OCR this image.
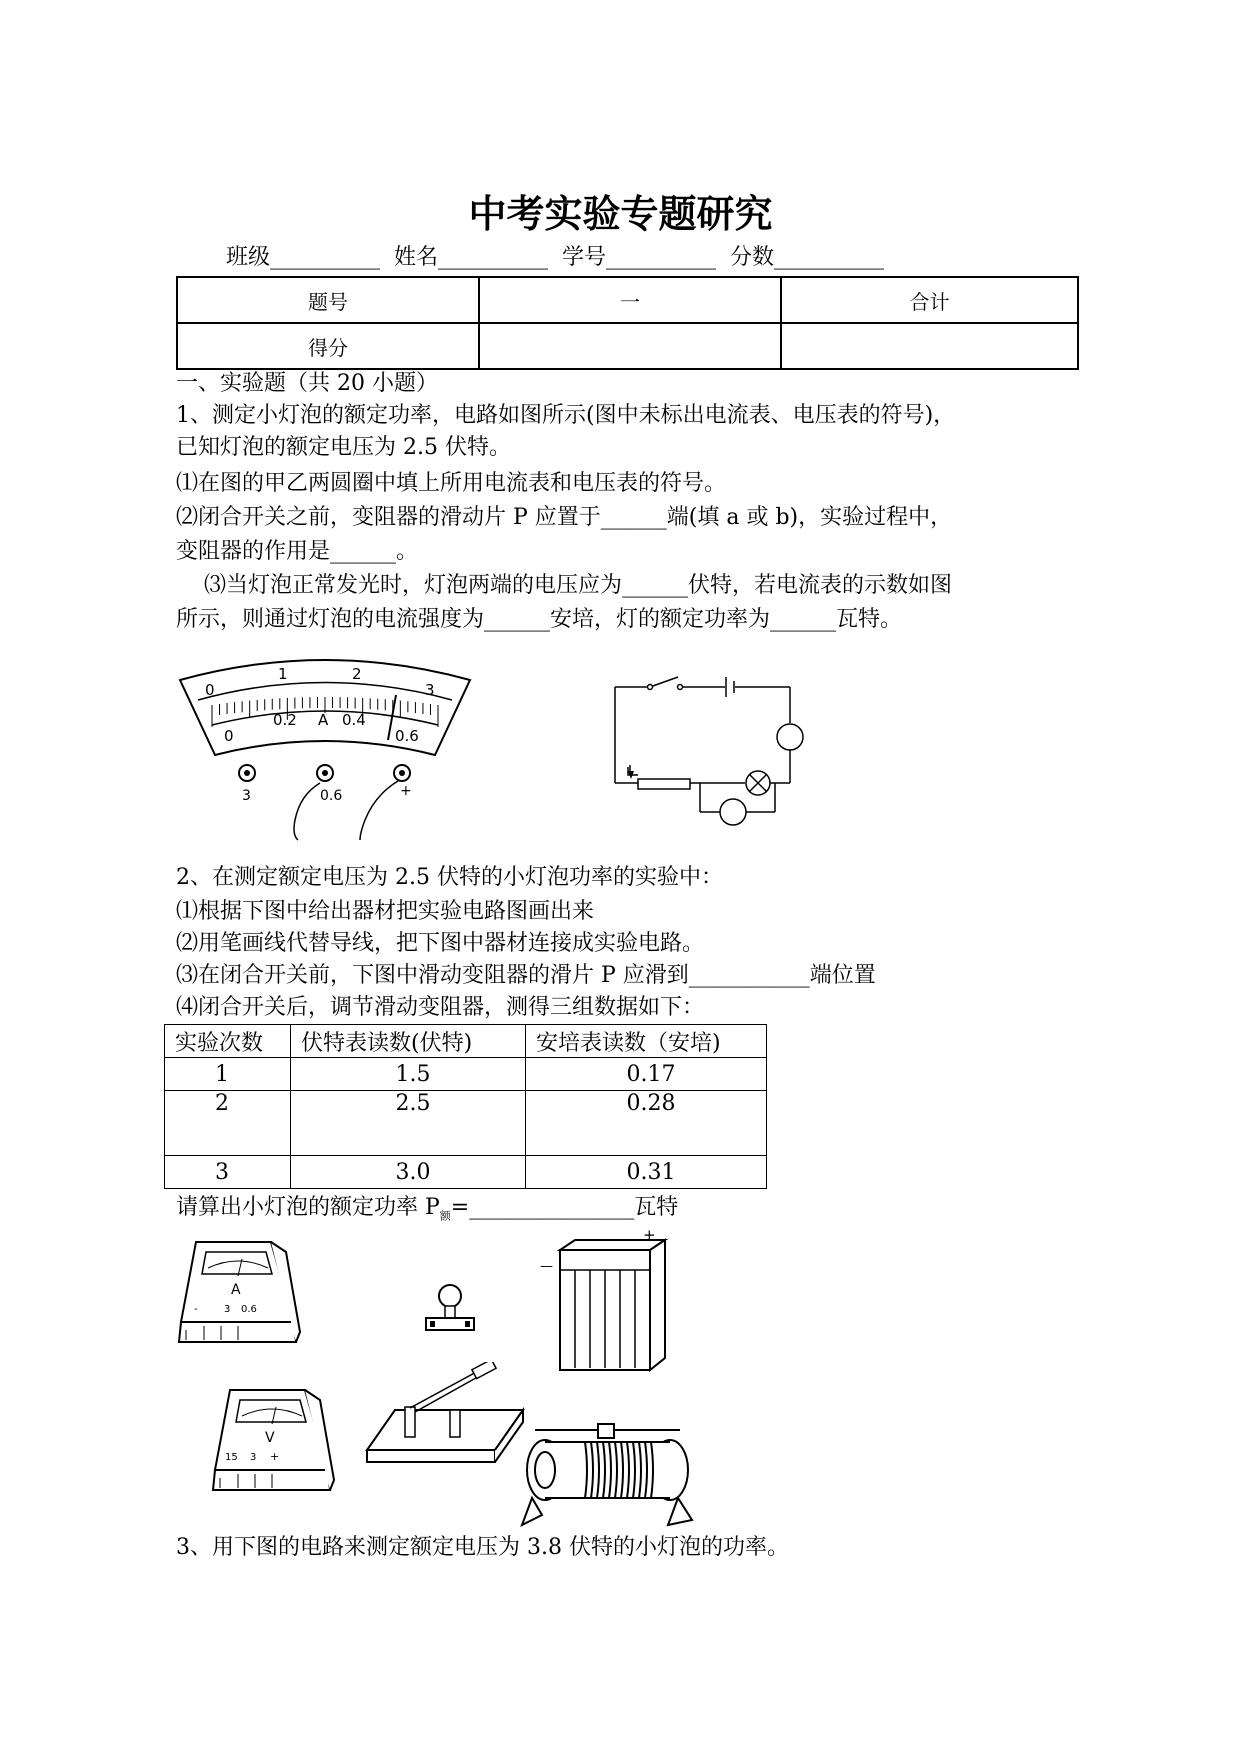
中考实验专题研究
班级__________ 姓名__________ 学号__________ 分数__________
题号	一	合计
得分		
一、实验题（共 20 小题）
1、测定小灯泡的额定功率，电路如图所示(图中未标出电流表、电压表的符号)，
已知灯泡的额定电压为 2.5 伏特。
⑴在图的甲乙两圆圈中填上所用电流表和电压表的符号。
⑵闭合开关之前，变阻器的滑动片 P 应置于______端(填 a 或 b)，实验过程中，
变阻器的作用是______。
⑶当灯泡正常发光时，灯泡两端的电压应为______伏特，若电流表的示数如图
所示，则通过灯泡的电流强度为______安培，灯的额定功率为______瓦特。
0
1	2
3
0
0.2 A 0.4
0.6
3	0.6	+
2、在测定额定电压为 2.5 伏特的小灯泡功率的实验中：
⑴根据下图中给出器材把实验电路图画出来
⑵用笔画线代替导线，把下图中器材连接成实验电路。
⑶在闭合开关前，下图中滑动变阻器的滑片 P 应滑到___________端位置
⑷闭合开关后，调节滑动变阻器，测得三组数据如下：
实验次数	伏特表读数(伏特)	安培表读数（安培)
1	1.5	0.17
2	2.5	0.28
3	3.0	0.31
请算出小灯泡的额定功率 $P_额=\_\_\_\_\_\_\_\_\_\_\_\_\_\_\_$瓦特
A
-	3 0.6
+
—
V
15 3 +
3、用下图的电路来测定额定电压为 3.8 伏特的小灯泡的功率。
